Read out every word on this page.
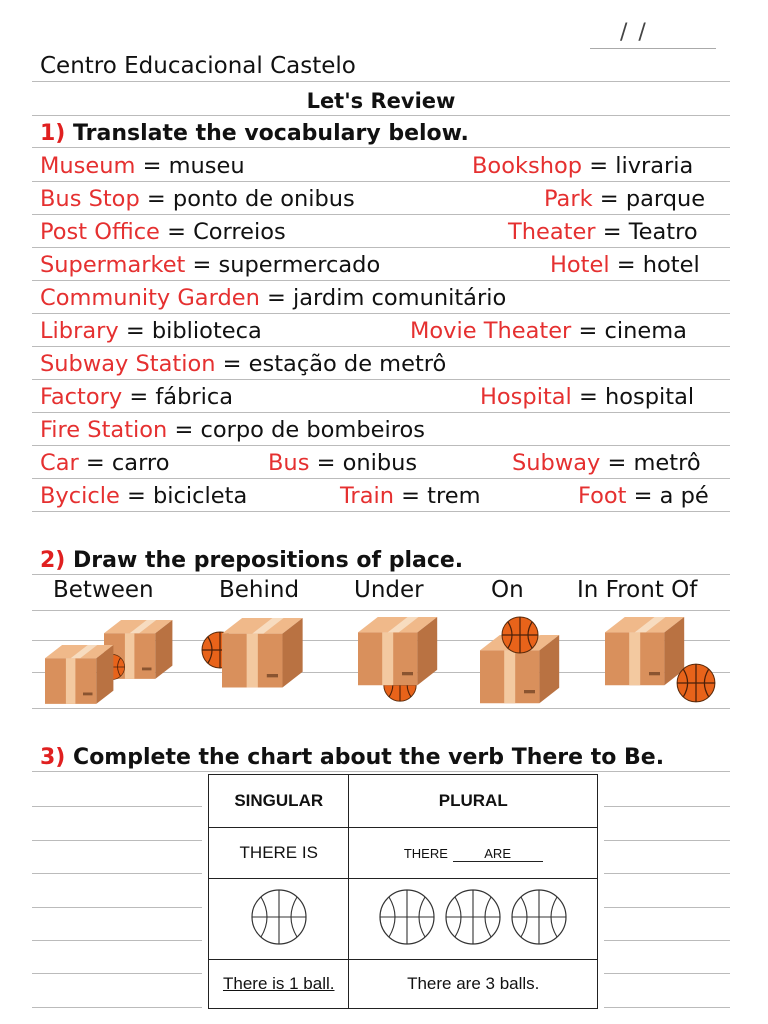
/ /
Centro Educacional Castelo
Let's Review
1) Translate the vocabulary below.
Museum = museu	Bookshop = livraria
Bus Stop = ponto de onibus	Park = parque
Post Office = Correios	Theater = Teatro
Supermarket = supermercado	Hotel = hotel
Community Garden = jardim comunitário
Library = biblioteca	Movie Theater = cinema
Subway Station = estação de metrô
Factory = fábrica	Hospital = hospital
Fire Station = corpo de bombeiros
Car = carro	Bus = onibus	Subway = metrô
Bycicle = bicicleta	Train = trem	Foot = a pé
2) Draw the prepositions of place.
Between	Behind Under	On In Front Of
3) Complete the chart about the verb There to Be.
SINGULAR	PLURAL
THERE IS	THERE ARE

There is 1 ball.	There are 3 balls.
